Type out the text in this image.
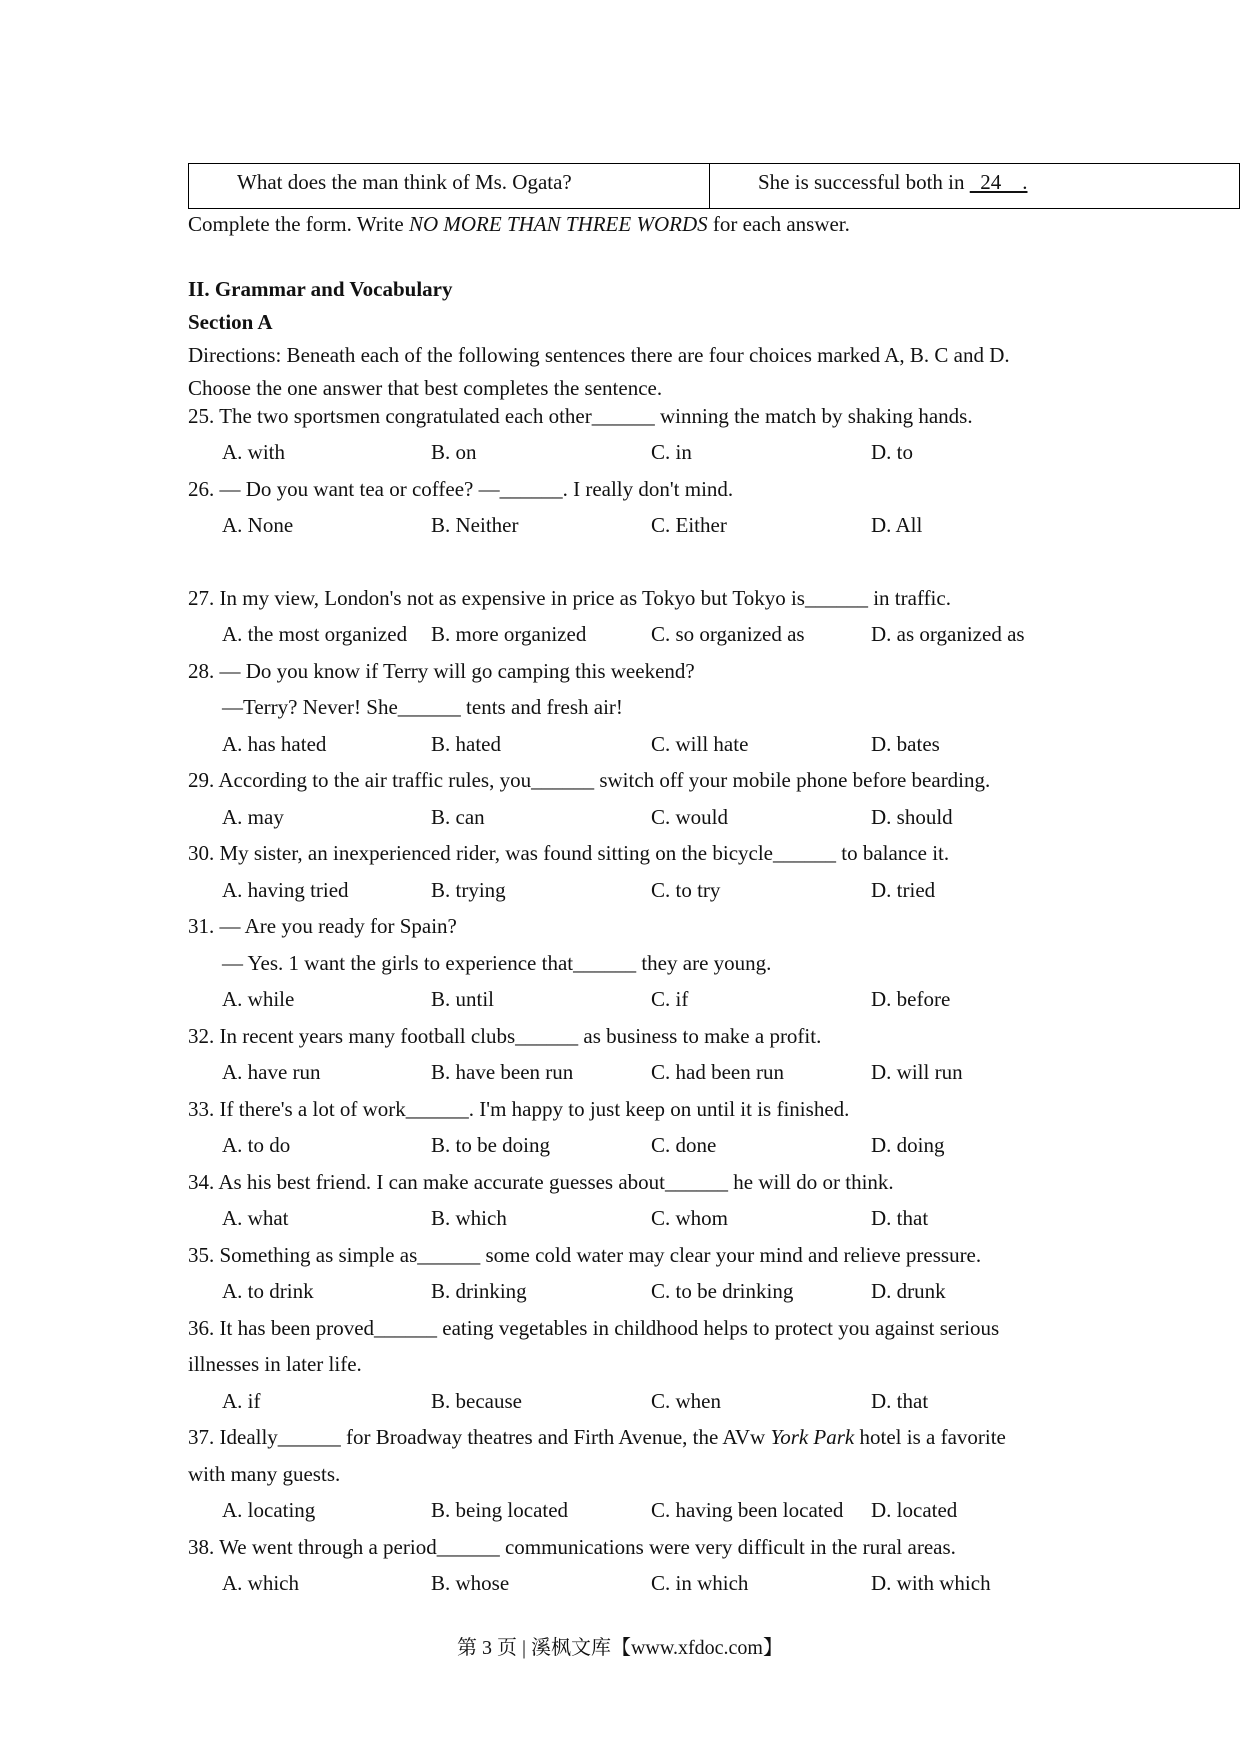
What does the man think of Ms. Ogata?	She is successful both in   24    .
Complete the form. Write NO MORE THAN THREE WORDS for each answer.
II. Grammar and Vocabulary
Section A
Directions: Beneath each of the following sentences there are four choices marked A, B. C and D.
Choose the one answer that best completes the sentence.
25. The two sportsmen congratulated each other______ winning the match by shaking hands.
A. with	B. on	C. in	D. to
26. — Do you want tea or coffee? —______. I really don't mind.
A. None	B. Neither	C. Either	D. All
27. In my view, London's not as expensive in price as Tokyo but Tokyo is______ in traffic.
A. the most organized B. more organized	C. so organized as	D. as organized as
28. — Do you know if Terry will go camping this weekend?
—Terry? Never! She______ tents and fresh air!
A. has hated	B. hated	C. will hate	D. bates
29. According to the air traffic rules, you______ switch off your mobile phone before bearding.
A. may	B. can	C. would	D. should
30. My sister, an inexperienced rider, was found sitting on the bicycle______ to balance it.
A. having tried	B. trying	C. to try	D. tried
31. — Are you ready for Spain?
— Yes. 1 want the girls to experience that______ they are young.
A. while	B. until	C. if	D. before
32. In recent years many football clubs______ as business to make a profit.
A. have run	B. have been run	C. had been run	D. will run
33. If there's a lot of work______. I'm happy to just keep on until it is finished.
A. to do	B. to be doing	C. done	D. doing
34. As his best friend. I can make accurate guesses about______ he will do or think.
A. what	B. which	C. whom	D. that
35. Something as simple as______ some cold water may clear your mind and relieve pressure.
A. to drink	B. drinking	C. to be drinking	D. drunk
36. It has been proved______ eating vegetables in childhood helps to protect you against serious
illnesses in later life.
A. if	B. because	C. when	D. that
37. Ideally______ for Broadway theatres and Firth Avenue, the AVw York Park hotel is a favorite
with many guests.
A. locating	B. being located	C. having been located D. located
38. We went through a period______ communications were very difficult in the rural areas.
A. which	B. whose	C. in which	D. with which
第 3 页 | 溪枫文库【www.xfdoc.com】
